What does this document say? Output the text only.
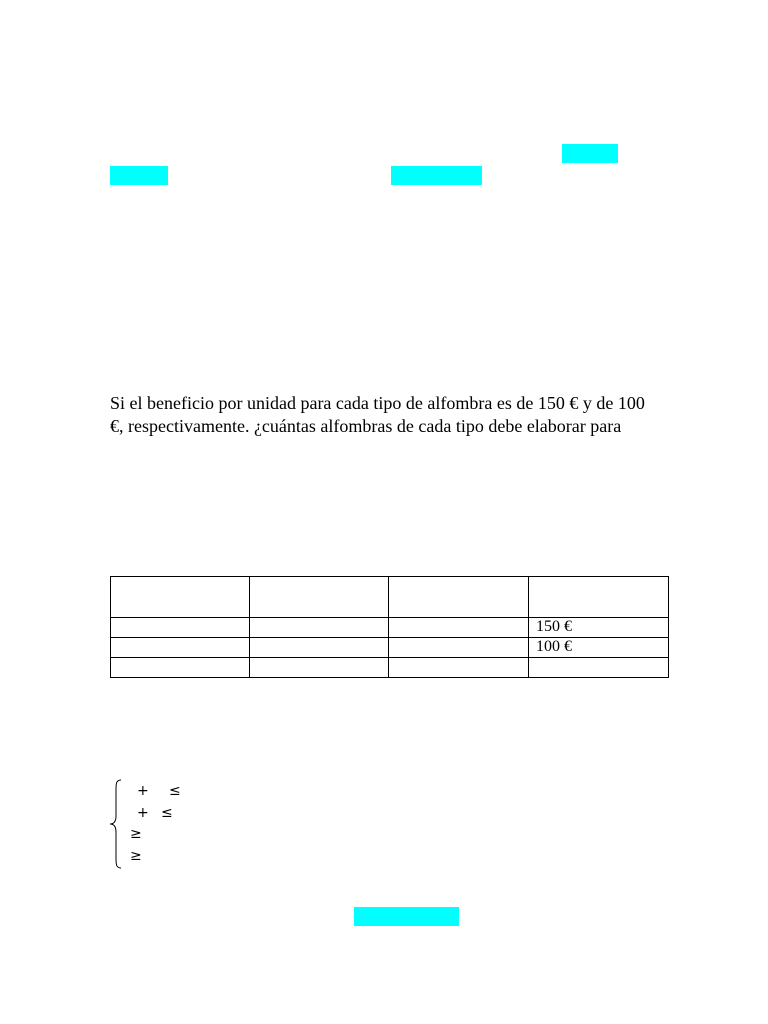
Si el beneficio por unidad para cada tipo de alfombra es de 150 € y de 100
€, respectivamente. ¿cuántas alfombras de cada tipo debe elaborar para

			150 €
			100 €

+ ≤
+ ≤
≥
≥
